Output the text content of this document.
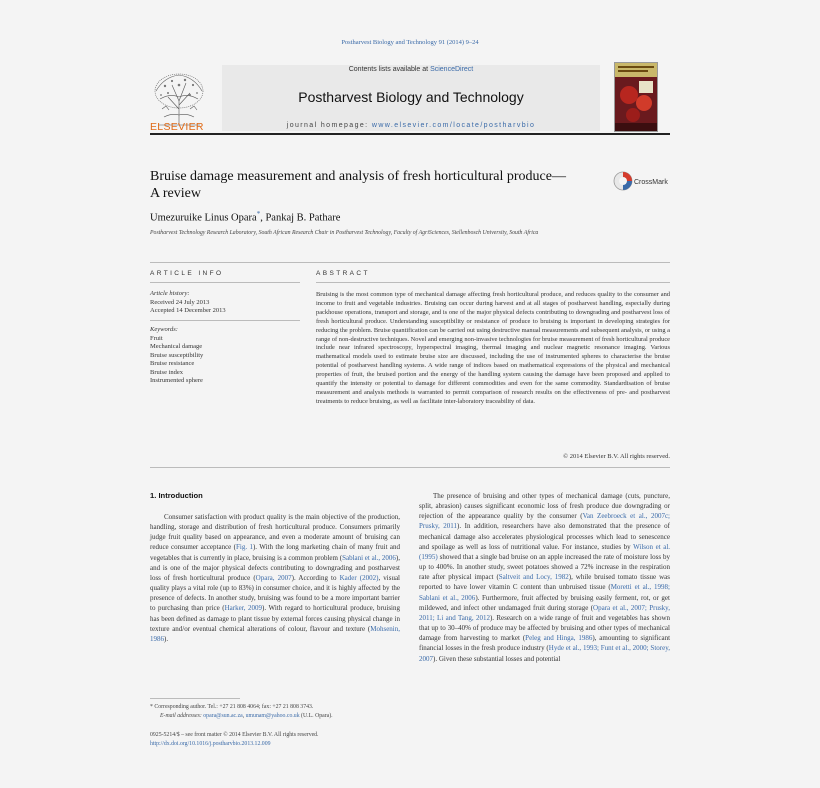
Postharvest Biology and Technology 91 (2014) 9–24
ELSEVIER
Contents lists available at ScienceDirect
Postharvest Biology and Technology
journal homepage: www.elsevier.com/locate/postharvbio
Bruise damage measurement and analysis of fresh horticultural produce—A review
CrossMark
Umezuruike Linus Opara*, Pankaj B. Pathare
Postharvest Technology Research Laboratory, South African Research Chair in Postharvest Technology, Faculty of AgriSciences, Stellenbosch University, South Africa
ARTICLE INFO	ABSTRACT
Article history:
Received 24 July 2013
Accepted 14 December 2013
Keywords:
Fruit
Mechanical damage
Bruise susceptibility
Bruise resistance
Bruise index
Instrumented sphere
Bruising is the most common type of mechanical damage affecting fresh horticultural produce, and reduces quality to the consumer and income to fruit and vegetable industries. Bruising can occur during harvest and at all stages of postharvest handling, especially during packhouse operations, transport and storage, and is one of the major physical defects contributing to downgrading and postharvest loss of fresh horticultural produce. Understanding susceptibility or resistance of produce to bruising is important in developing strategies for reducing the problem. Bruise quantification can be carried out using destructive manual measurements and subsequent analysis, or using a range of non-destructive techniques. Novel and emerging non-invasive technologies for bruise measurement of fresh horticultural produce include near infrared spectroscopy, hyperspectral imaging, thermal imaging and nuclear magnetic resonance imaging. Various mathematical models used to estimate bruise size are discussed, including the use of instrumented spheres to characterise the bruise potential of postharvest handling systems. A wide range of indices based on mathematical expressions of the physical and mechanical properties of fruit, the bruised portion and the energy of the handling system causing the damage have been proposed and applied to quantify the intensity or potential to damage for different commodities and even for the same commodity. Standardisation of bruise measurement and analysis methods is warranted to permit comparison of research results on the effectiveness of pre- and postharvest treatments to reduce bruising, as well as facilitate inter-laboratory traceability of data.
© 2014 Elsevier B.V. All rights reserved.
1. Introduction

Consumer satisfaction with product quality is the main objective of the production, handling, storage and distribution of fresh horticultural produce. Consumers primarily judge fruit quality based on appearance, and even a moderate amount of bruising can reduce consumer acceptance (Fig. 1). With the long marketing chain of many fruit and vegetables that is currently in place, bruising is a common problem (Sablani et al., 2006), and is one of the major physical defects contributing to downgrading and postharvest loss of fresh horticultural produce (Opara, 2007). According to Kader (2002), visual quality plays a vital role (up to 83%) in consumer choice, and it is highly affected by the presence of defects. In another study, bruising was found to be a more important barrier to purchasing than price (Harker, 2009). With regard to horticultural produce, bruising has been defined as damage to plant tissue by external forces causing physical change in texture and/or eventual chemical alterations of colour, flavour and texture (Mohsenin, 1986).

The presence of bruising and other types of mechanical damage (cuts, puncture, split, abrasion) causes significant economic loss of fresh produce due downgrading or rejection of the appearance quality by the consumer (Van Zeebroeck et al., 2007c; Prusky, 2011). In addition, researchers have also demonstrated that the presence of mechanical damage also accelerates physiological processes which lead to senescence and spoilage as well as loss of nutritional value. For instance, studies by Wilson et al. (1995) showed that a single bad bruise on an apple increased the rate of moisture loss by up to 400%. In another study, sweet potatoes showed a 72% increase in the respiration rate after physical impact (Saltveit and Locy, 1982), while bruised tomato tissue was reported to have lower vitamin C content than unbruised tissue (Moretti et al., 1998; Sablani et al., 2006). Furthermore, fruit affected by bruising easily ferment, rot, or get mildewed, and infect other undamaged fruit during storage (Opara et al., 2007; Prusky, 2011; Li and Tang, 2012). Research on a wide range of fruit and vegetables has shown that up to 30–40% of produce may be affected by bruising and other types of mechanical damage from harvesting to market (Peleg and Hinga, 1986), amounting to significant financial losses in the fresh produce industry (Hyde et al., 1993; Funt et al., 2000; Storey, 2007). Given these substantial losses and potential

* Corresponding author. Tel.: +27 21 808 4064; fax: +27 21 808 3743.
E-mail addresses: opara@sun.ac.za, umunam@yahoo.co.uk (U.L. Opara).
0925-5214/$ – see front matter © 2014 Elsevier B.V. All rights reserved.
http://dx.doi.org/10.1016/j.postharvbio.2013.12.009
